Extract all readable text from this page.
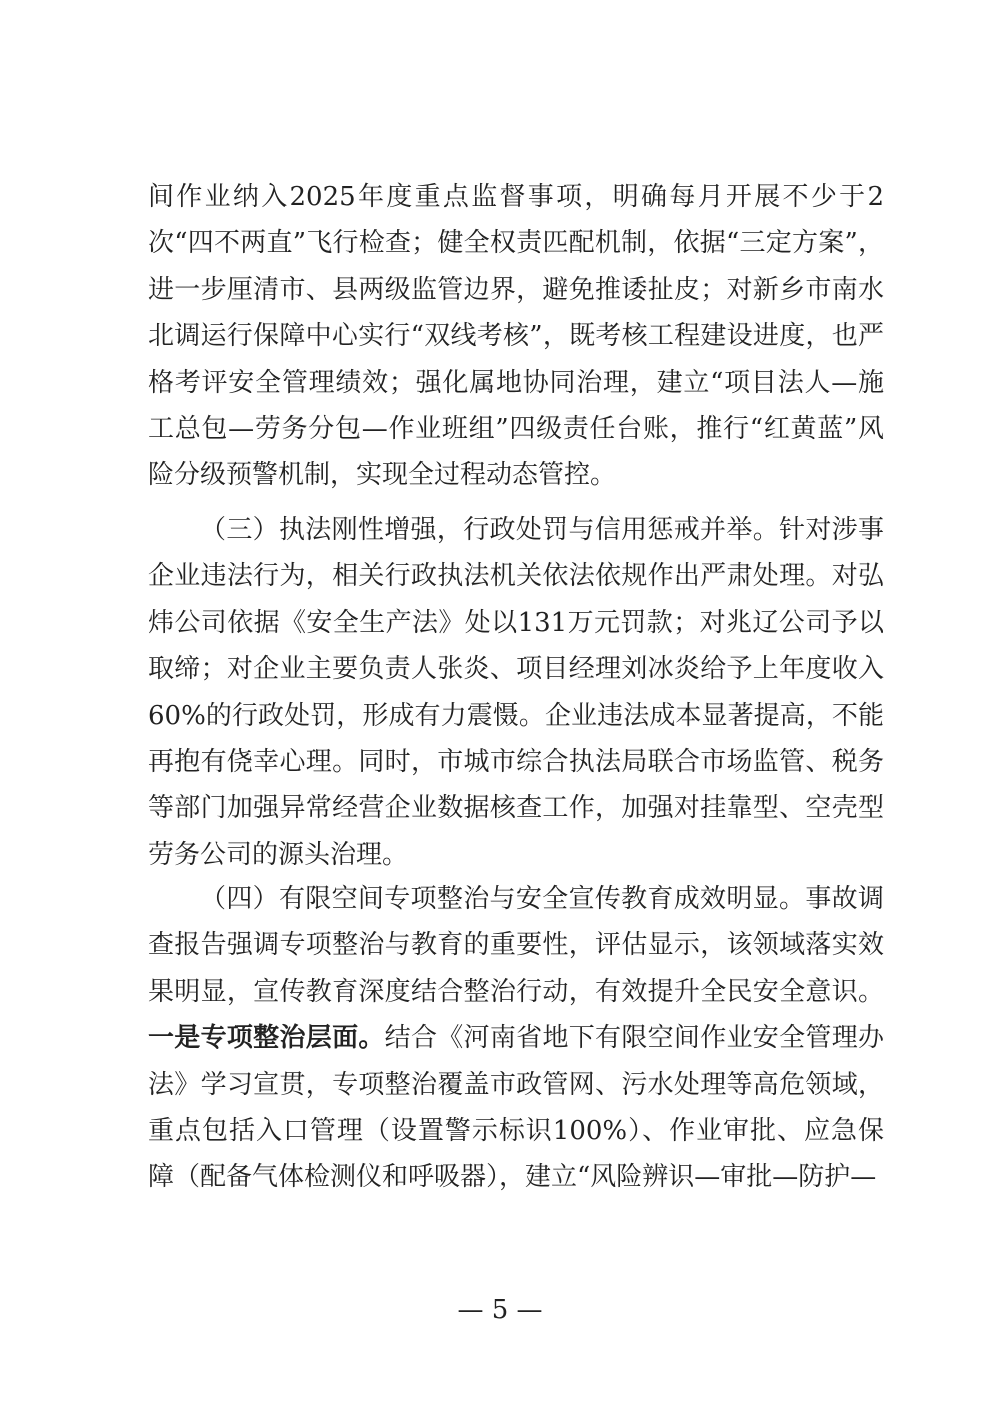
间作业纳入2025年度重点监督事项，明确每月开展不少于2次“四不两直”飞行检查；健全权责匹配机制，依据“三定方案”，进一步厘清市、县两级监管边界，避免推诿扯皮；对新乡市南水北调运行保障中心实行“双线考核”，既考核工程建设进度，也严格考评安全管理绩效；强化属地协同治理，建立“项目法人—施工总包—劳务分包—作业班组”四级责任台账，推行“红黄蓝”风险分级预警机制，实现全过程动态管控。

（三）执法刚性增强，行政处罚与信用惩戒并举。针对涉事企业违法行为，相关行政执法机关依法依规作出严肃处理。对弘炜公司依据《安全生产法》处以131万元罚款；对兆辽公司予以取缔；对企业主要负责人张炎、项目经理刘冰炎给予上年度收入60%的行政处罚，形成有力震慑。企业违法成本显著提高，不能再抱有侥幸心理。同时，市城市综合执法局联合市场监管、税务等部门加强异常经营企业数据核查工作，加强对挂靠型、空壳型劳务公司的源头治理。

（四）有限空间专项整治与安全宣传教育成效明显。事故调查报告强调专项整治与教育的重要性，评估显示，该领域落实效果明显，宣传教育深度结合整治行动，有效提升全民安全意识。一是专项整治层面。结合《河南省地下有限空间作业安全管理办法》学习宣贯，专项整治覆盖市政管网、污水处理等高危领域，重点包括入口管理（设置警示标识100%）、作业审批、应急保障（配备气体检测仪和呼吸器），建立“风险辨识—审批—防护—

— 5 —
